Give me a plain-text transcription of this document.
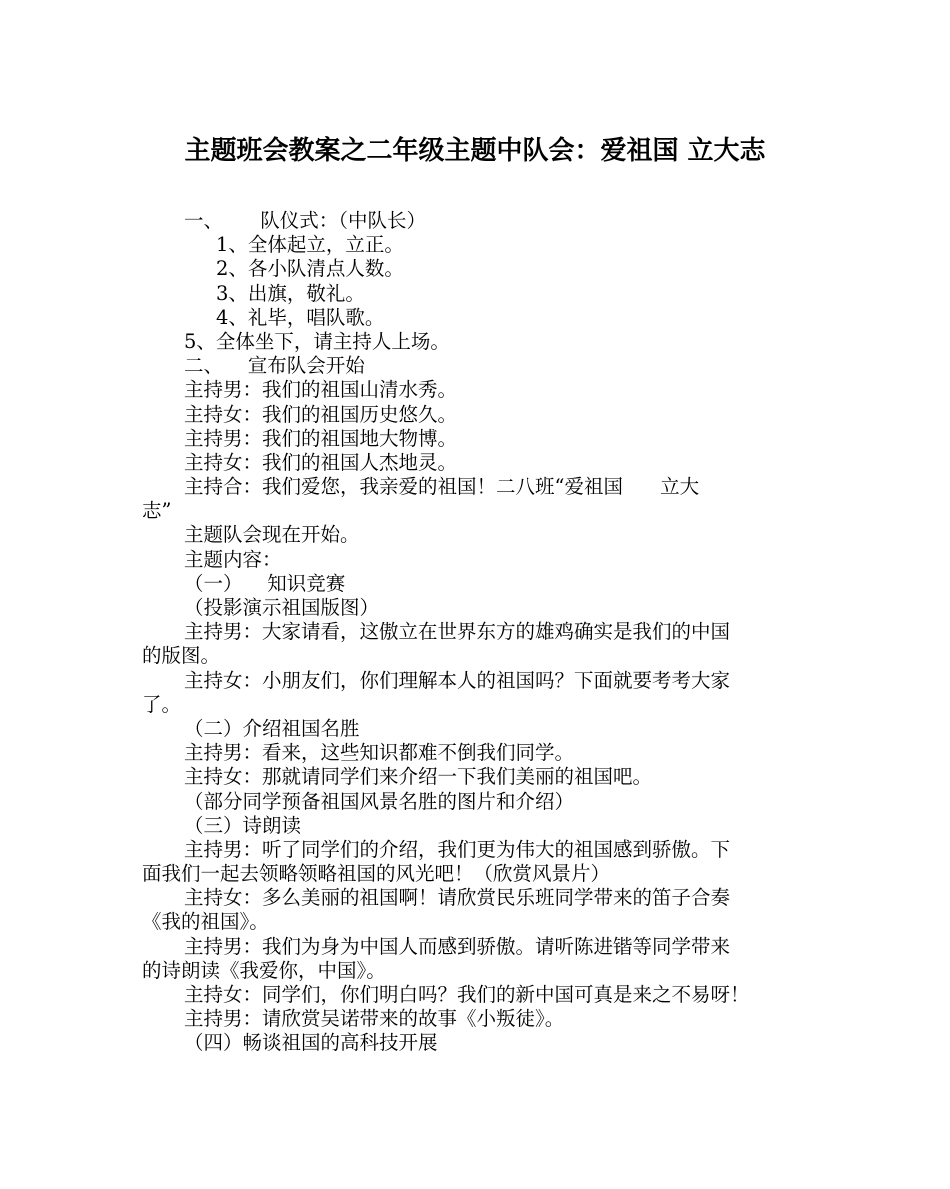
主题班会教案之二年级主题中队会：爱祖国 立大志
一、      队仪式：（中队长）
1、全体起立，立正。
2、各小队清点人数。
3、出旗，敬礼。
4、礼毕，唱队歌。
5、全体坐下，请主持人上场。
二、    宣布队会开始
主持男：我们的祖国山清水秀。
主持女：我们的祖国历史悠久。
主持男：我们的祖国地大物博。
主持女：我们的祖国人杰地灵。
主持合：我们爱您，我亲爱的祖国！二八班“爱祖国      立大
志”
主题队会现在开始。
主题内容：
（一）    知识竞赛
（投影演示祖国版图）
主持男：大家请看，这傲立在世界东方的雄鸡确实是我们的中国
的版图。
主持女：小朋友们，你们理解本人的祖国吗？下面就要考考大家
了。
（二）介绍祖国名胜
主持男：看来，这些知识都难不倒我们同学。
主持女：那就请同学们来介绍一下我们美丽的祖国吧。
（部分同学预备祖国风景名胜的图片和介绍）
（三）诗朗读
主持男：听了同学们的介绍，我们更为伟大的祖国感到骄傲。下
面我们一起去领略领略祖国的风光吧！（欣赏风景片）
主持女：多么美丽的祖国啊！请欣赏民乐班同学带来的笛子合奏
《我的祖国》。
主持男：我们为身为中国人而感到骄傲。请听陈进锴等同学带来
的诗朗读《我爱你，中国》。
主持女：同学们，你们明白吗？我们的新中国可真是来之不易呀！
主持男：请欣赏吴诺带来的故事《小叛徒》。
（四）畅谈祖国的高科技开展
